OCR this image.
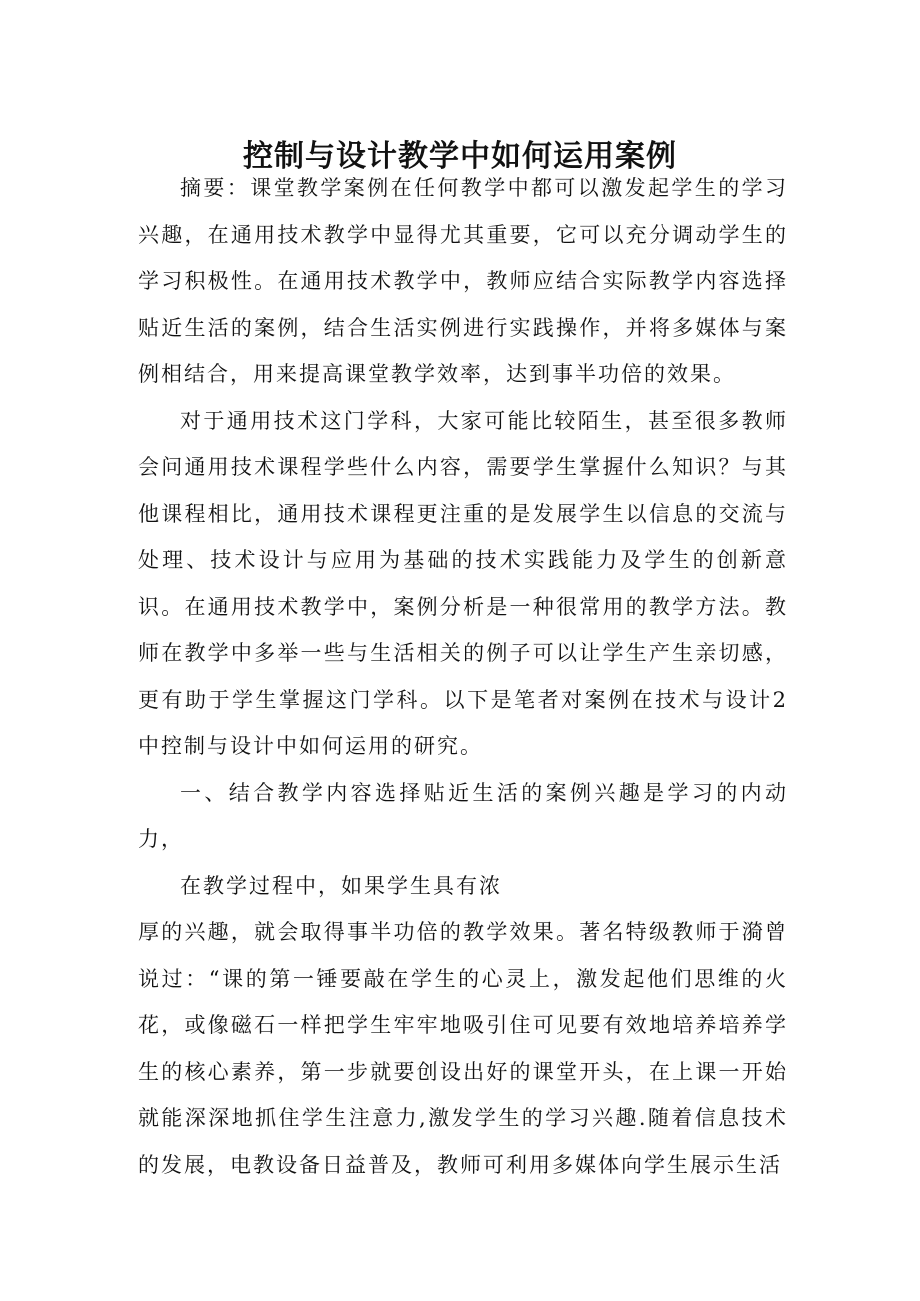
控制与设计教学中如何运用案例

摘要：课堂教学案例在任何教学中都可以激发起学生的学习兴趣，在通用技术教学中显得尤其重要，它可以充分调动学生的学习积极性。在通用技术教学中，教师应结合实际教学内容选择贴近生活的案例，结合生活实例进行实践操作，并将多媒体与案例相结合，用来提高课堂教学效率，达到事半功倍的效果。

对于通用技术这门学科，大家可能比较陌生，甚至很多教师会问通用技术课程学些什么内容，需要学生掌握什么知识？与其他课程相比，通用技术课程更注重的是发展学生以信息的交流与处理、技术设计与应用为基础的技术实践能力及学生的创新意识。在通用技术教学中，案例分析是一种很常用的教学方法。教师在教学中多举一些与生活相关的例子可以让学生产生亲切感，更有助于学生掌握这门学科。以下是笔者对案例在技术与设计2中控制与设计中如何运用的研究。

一、结合教学内容选择贴近生活的案例兴趣是学习的内动力，

在教学过程中，如果学生具有浓

厚的兴趣，就会取得事半功倍的教学效果。著名特级教师于漪曾说过：“课的第一锤要敲在学生的心灵上，激发起他们思维的火花，或像磁石一样把学生牢牢地吸引住可见要有效地培养培养学生的核心素养，第一步就要创设出好的课堂开头，在上课一开始就能深深地抓住学生注意力,激发学生的学习兴趣.随着信息技术的发展，电教设备日益普及，教师可利用多媒体向学生展示生活
